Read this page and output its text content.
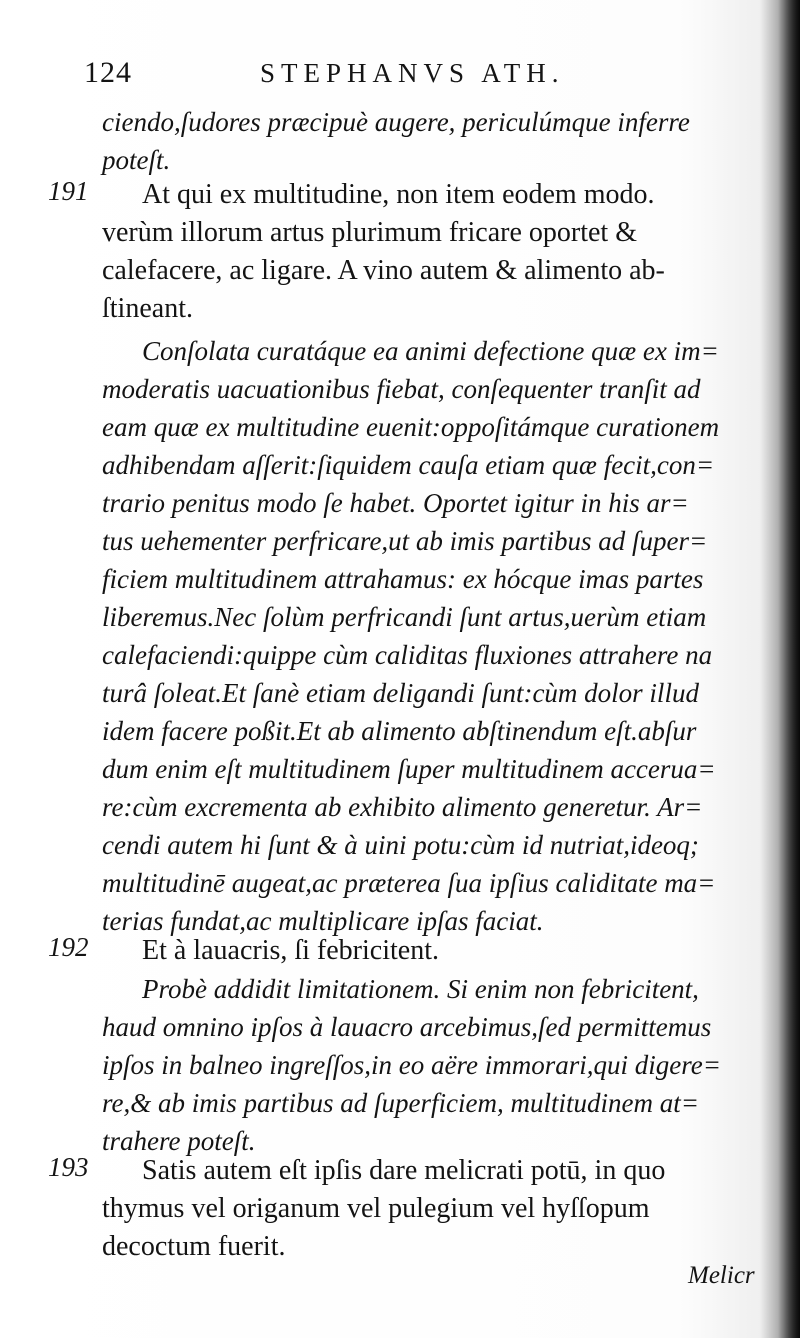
124	STEPHANVS ATH.
ciendo,ſudores præcipuè augere, periculúmque inferre
poteſt.
191	At qui ex multitudine, non item eodem modo.
verùm illorum artus plurimum fricare oportet &
calefacere, ac ligare. A vino autem & alimento ab-
ſtineant.
Conſolata curatáque ea animi defectione quæ ex im=
moderatis uacuationibus fiebat, conſequenter tranſit ad
eam quæ ex multitudine euenit:oppoſitámque curationem
adhibendam aſſerit:ſiquidem cauſa etiam quæ fecit,con=
trario penitus modo ſe habet. Oportet igitur in his ar=
tus uehementer perfricare,ut ab imis partibus ad ſuper=
ficiem multitudinem attrahamus: ex hócque imas partes
liberemus.Nec ſolùm perfricandi ſunt artus,uerùm etiam
calefaciendi:quippe cùm caliditas fluxiones attrahere na
turâ ſoleat.Et ſanè etiam deligandi ſunt:cùm dolor illud
idem facere poßit.Et ab alimento abſtinendum eſt.abſur
dum enim eſt multitudinem ſuper multitudinem acceruа=
re:cùm excrementa ab exhibito alimento generetur. Ar=
cendi autem hi ſunt & à uini potu:cùm id nutriat,ideoq;
multitudinē augeat,ac præterea ſua ipſius caliditate ma=
terias fundat,ac multiplicare ipſas faciat.
192	Et à lauacris, ſi febricitent.
Probè addidit limitationem. Si enim non febricitent,
haud omnino ipſos à lauacro arcebimus,ſed permittemus
ipſos in balneo ingreſſos,in eo aëre immorari,qui digere=
re,& ab imis partibus ad ſuperficiem, multitudinem at=
trahere poteſt.
193	Satis autem eſt ipſis dare melicrati potū, in quo
thymus vel origanum vel pulegium vel hyſſopum
decoctum fuerit.
Melicr
